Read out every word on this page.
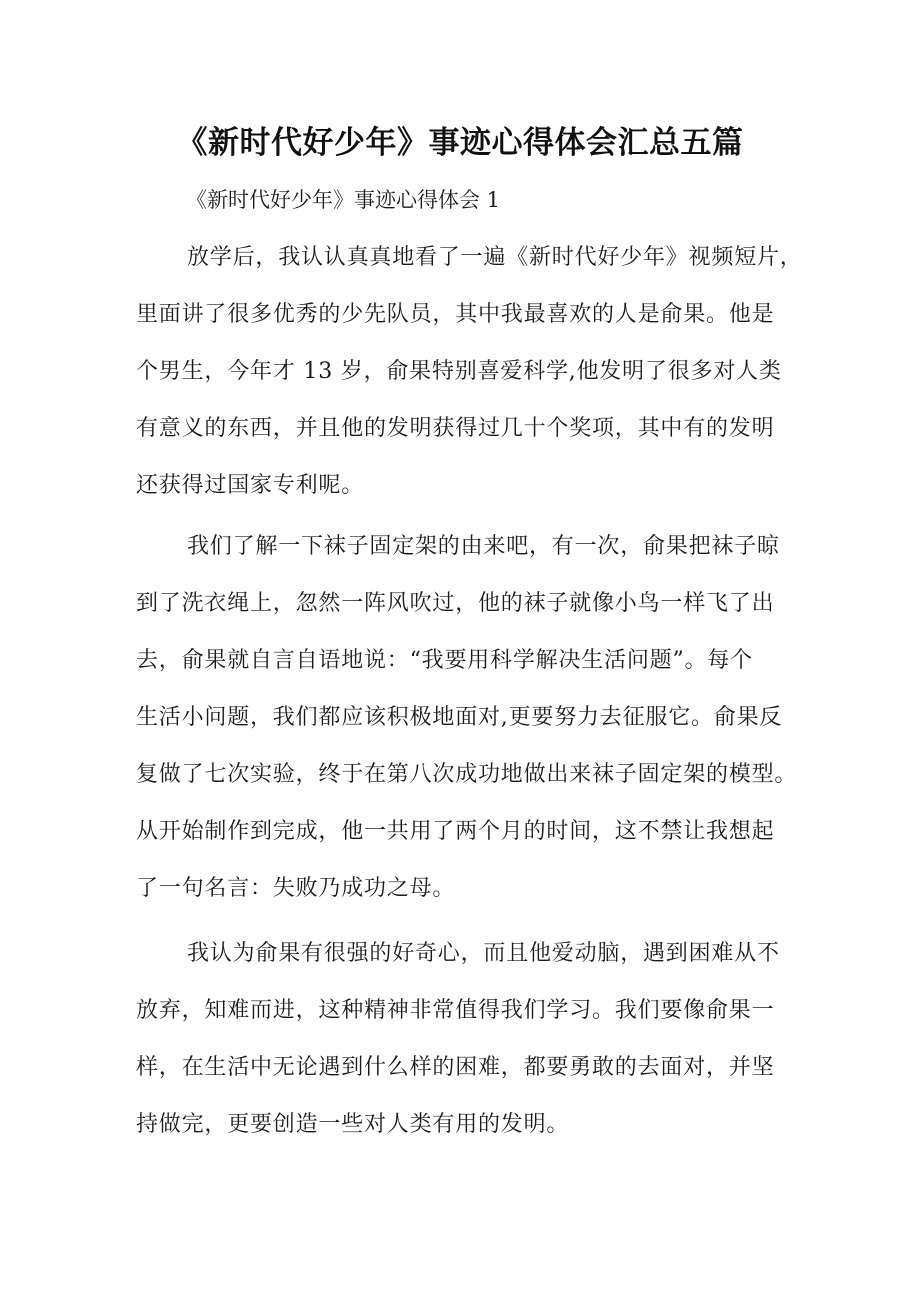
《新时代好少年》事迹心得体会汇总五篇
《新时代好少年》事迹心得体会 1
放学后，我认认真真地看了一遍《新时代好少年》视频短片，
里面讲了很多优秀的少先队员，其中我最喜欢的人是俞果。他是
个男生，今年才 13 岁，俞果特别喜爱科学,他发明了很多对人类
有意义的东西，并且他的发明获得过几十个奖项，其中有的发明
还获得过国家专利呢。
我们了解一下袜子固定架的由来吧，有一次，俞果把袜子晾
到了洗衣绳上，忽然一阵风吹过，他的袜子就像小鸟一样飞了出
去，俞果就自言自语地说：“我要用科学解决生活问题”。每个
生活小问题，我们都应该积极地面对,更要努力去征服它。俞果反
复做了七次实验，终于在第八次成功地做出来袜子固定架的模型。
从开始制作到完成，他一共用了两个月的时间，这不禁让我想起
了一句名言：失败乃成功之母。
我认为俞果有很强的好奇心，而且他爱动脑，遇到困难从不
放弃，知难而进，这种精神非常值得我们学习。我们要像俞果一
样，在生活中无论遇到什么样的困难，都要勇敢的去面对，并坚
持做完，更要创造一些对人类有用的发明。
